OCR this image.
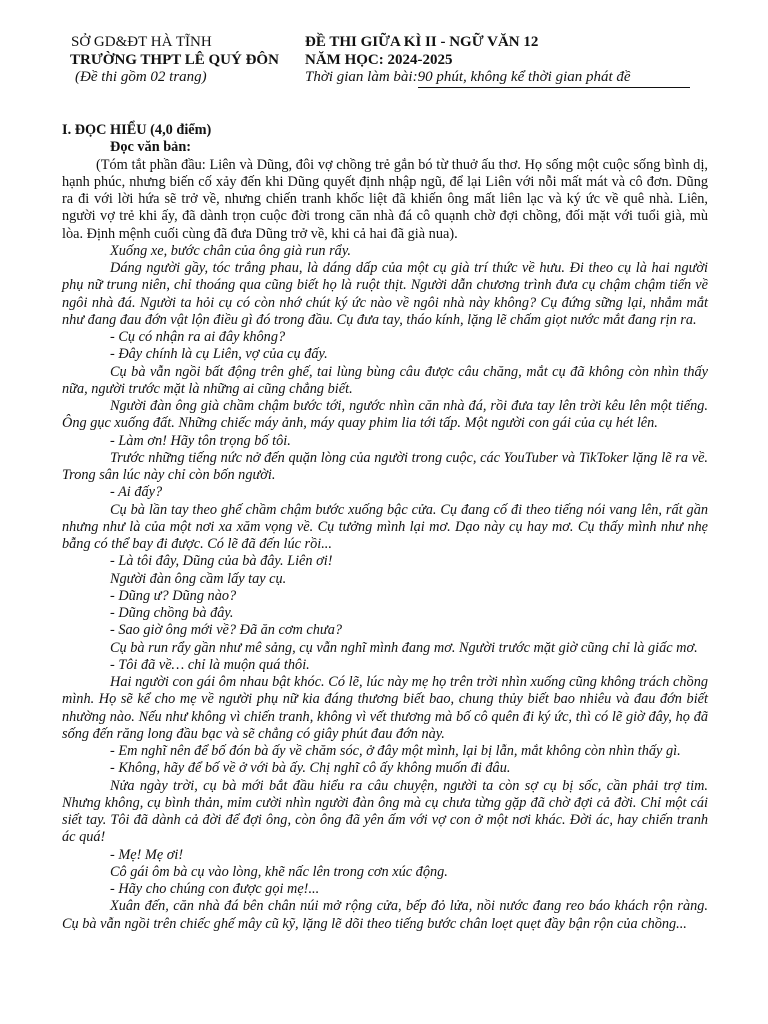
SỞ GD&ĐT HÀ TĨNH
TRƯỜNG THPT LÊ QUÝ ĐÔN
(Đề thi gồm 02 trang)
ĐỀ THI GIỮA KÌ II - NGỮ VĂN 12
NĂM HỌC: 2024-2025
Thời gian làm bài:90 phút, không kể thời gian phát đề

I. ĐỌC HIỂU (4,0 điểm)

Đọc văn bản:

(Tóm tắt phần đầu: Liên và Dũng, đôi vợ chồng trẻ gắn bó từ thuở ấu thơ. Họ sống một cuộc sống bình dị, hạnh phúc, nhưng biến cố xảy đến khi Dũng quyết định nhập ngũ, để lại Liên với nỗi mất mát và cô đơn. Dũng ra đi với lời hứa sẽ trở về, nhưng chiến tranh khốc liệt đã khiến ông mất liên lạc và ký ức về quê nhà. Liên, người vợ trẻ khi ấy, đã dành trọn cuộc đời trong căn nhà đá cô quạnh chờ đợi chồng, đối mặt với tuổi già, mù lòa. Định mệnh cuối cùng đã đưa Dũng trở về, khi cả hai đã già nua).

Xuống xe, bước chân của ông già run rẩy.

Dáng người gầy, tóc trắng phau, là dáng dấp của một cụ già trí thức về hưu. Đi theo cụ là hai người phụ nữ trung niên, chỉ thoáng qua cũng biết họ là ruột thịt. Người dẫn chương trình đưa cụ chậm chậm tiến về ngôi nhà đá. Người ta hỏi cụ có còn nhớ chút ký ức nào về ngôi nhà này không? Cụ đứng sững lại, nhắm mắt như đang đau đớn vật lộn điều gì đó trong đầu. Cụ đưa tay, tháo kính, lặng lẽ chấm giọt nước mắt đang rịn ra.

- Cụ có nhận ra ai đây không?

- Đây chính là cụ Liên, vợ của cụ đấy.

Cụ bà vẫn ngồi bất động trên ghế, tai lùng bùng câu được câu chăng, mắt cụ đã không còn nhìn thấy nữa, người trước mặt là những ai cũng chẳng biết.

Người đàn ông già chầm chậm bước tới, ngước nhìn căn nhà đá, rồi đưa tay lên trời kêu lên một tiếng. Ông gục xuống đất. Những chiếc máy ảnh, máy quay phim lia tới tấp. Một người con gái của cụ hét lên.

- Làm ơn! Hãy tôn trọng bố tôi.

Trước những tiếng nức nở đến quặn lòng của người trong cuộc, các YouTuber và TikToker lặng lẽ ra về. Trong sân lúc này chỉ còn bốn người.

- Ai đấy?

Cụ bà lần tay theo ghế chầm chậm bước xuống bậc cửa. Cụ đang cố đi theo tiếng nói vang lên, rất gần nhưng như là của một nơi xa xăm vọng về. Cụ tưởng mình lại mơ. Dạo này cụ hay mơ. Cụ thấy mình như nhẹ bẫng có thể bay đi được. Có lẽ đã đến lúc rồi...

- Là tôi đây, Dũng của bà đây. Liên ơi!

Người đàn ông cầm lấy tay cụ.

- Dũng ư? Dũng nào?

- Dũng chồng bà đây.

- Sao giờ ông mới về? Đã ăn cơm chưa?

Cụ bà run rẩy gần như mê sảng, cụ vẫn nghĩ mình đang mơ. Người trước mặt giờ cũng chỉ là giấc mơ.

- Tôi đã về… chỉ là muộn quá thôi.

Hai người con gái ôm nhau bật khóc. Có lẽ, lúc này mẹ họ trên trời nhìn xuống cũng không trách chồng mình. Họ sẽ kể cho mẹ về người phụ nữ kia đáng thương biết bao, chung thủy biết bao nhiêu và đau đớn biết nhường nào. Nếu như không vì chiến tranh, không vì vết thương mà bố cô quên đi ký ức, thì có lẽ giờ đây, họ đã sống đến răng long đầu bạc và sẽ chẳng có giây phút đau đớn này.

- Em nghĩ nên để bố đón bà ấy về chăm sóc, ở đây một mình, lại bị lẫn, mắt không còn nhìn thấy gì.

- Không, hãy để bố về ở với bà ấy. Chị nghĩ cô ấy không muốn đi đâu.

Nửa ngày trời, cụ bà mới bắt đầu hiểu ra câu chuyện, người ta còn sợ cụ bị sốc, cần phải trợ tim. Nhưng không, cụ bình thản, mỉm cười nhìn người đàn ông mà cụ chưa từng gặp đã chờ đợi cả đời. Chỉ một cái siết tay. Tôi đã dành cả đời để đợi ông, còn ông đã yên ấm với vợ con ở một nơi khác. Đời ác, hay chiến tranh ác quá!

- Mẹ! Mẹ ơi!

Cô gái ôm bà cụ vào lòng, khẽ nấc lên trong cơn xúc động.

- Hãy cho chúng con được gọi mẹ!...

Xuân đến, căn nhà đá bên chân núi mở rộng cửa, bếp đỏ lửa, nồi nước đang reo báo khách rộn ràng. Cụ bà vẫn ngồi trên chiếc ghế mây cũ kỹ, lặng lẽ dõi theo tiếng bước chân loẹt quẹt đầy bận rộn của chồng...
